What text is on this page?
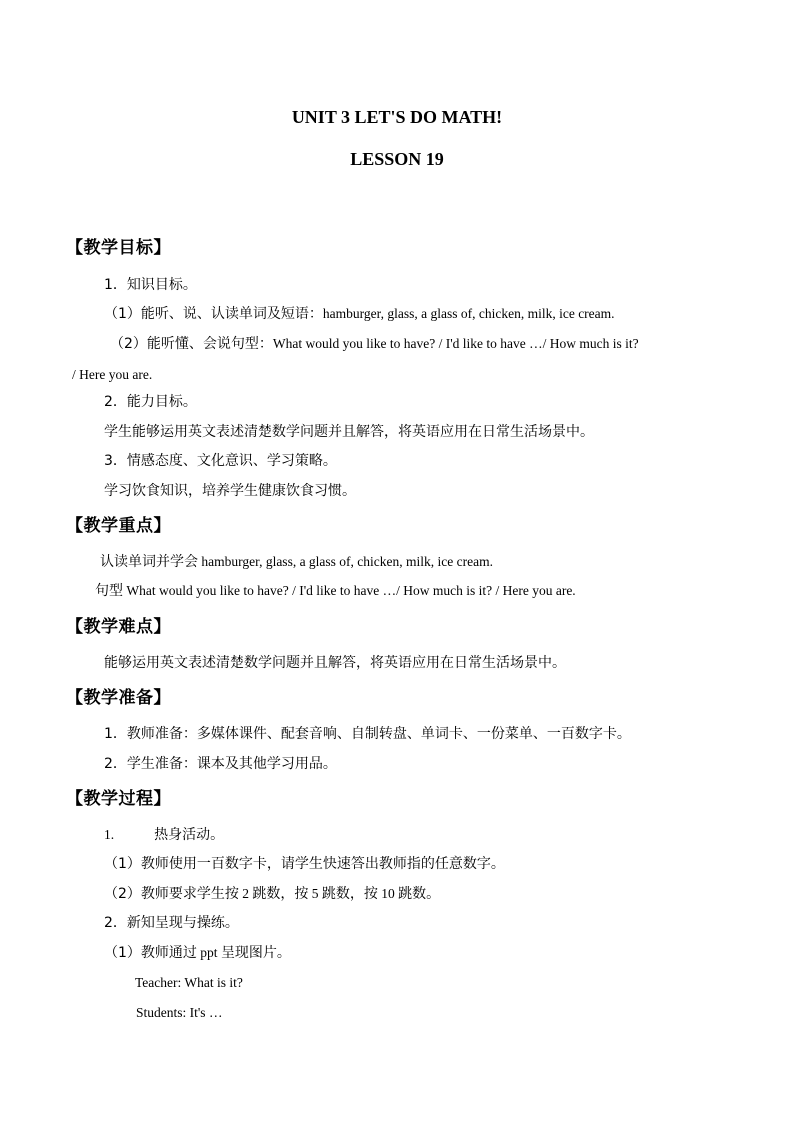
UNIT 3 LET'S DO MATH!
LESSON 19
【教学目标】
1．知识目标。
（1）能听、说、认读单词及短语：hamburger, glass, a glass of, chicken, milk, ice cream.
（2）能听懂、会说句型：What would you like to have? / I'd like to have …/ How much is it?
/ Here you are.
2．能力目标。
学生能够运用英文表述清楚数学问题并且解答，将英语应用在日常生活场景中。
3．情感态度、文化意识、学习策略。
学习饮食知识，培养学生健康饮食习惯。
【教学重点】
认读单词并学会 hamburger, glass, a glass of, chicken, milk, ice cream.
句型 What would you like to have? / I'd like to have …/ How much is it? / Here you are.
【教学难点】
能够运用英文表述清楚数学问题并且解答，将英语应用在日常生活场景中。
【教学准备】
1．教师准备：多媒体课件、配套音响、自制转盘、单词卡、一份菜单、一百数字卡。
2．学生准备：课本及其他学习用品。
【教学过程】
1.	热身活动。
（1）教师使用一百数字卡，请学生快速答出教师指的任意数字。
（2）教师要求学生按 2 跳数，按 5 跳数，按 10 跳数。
2．新知呈现与操练。
（1）教师通过 ppt 呈现图片。
Teacher: What is it?
Students: It's …
